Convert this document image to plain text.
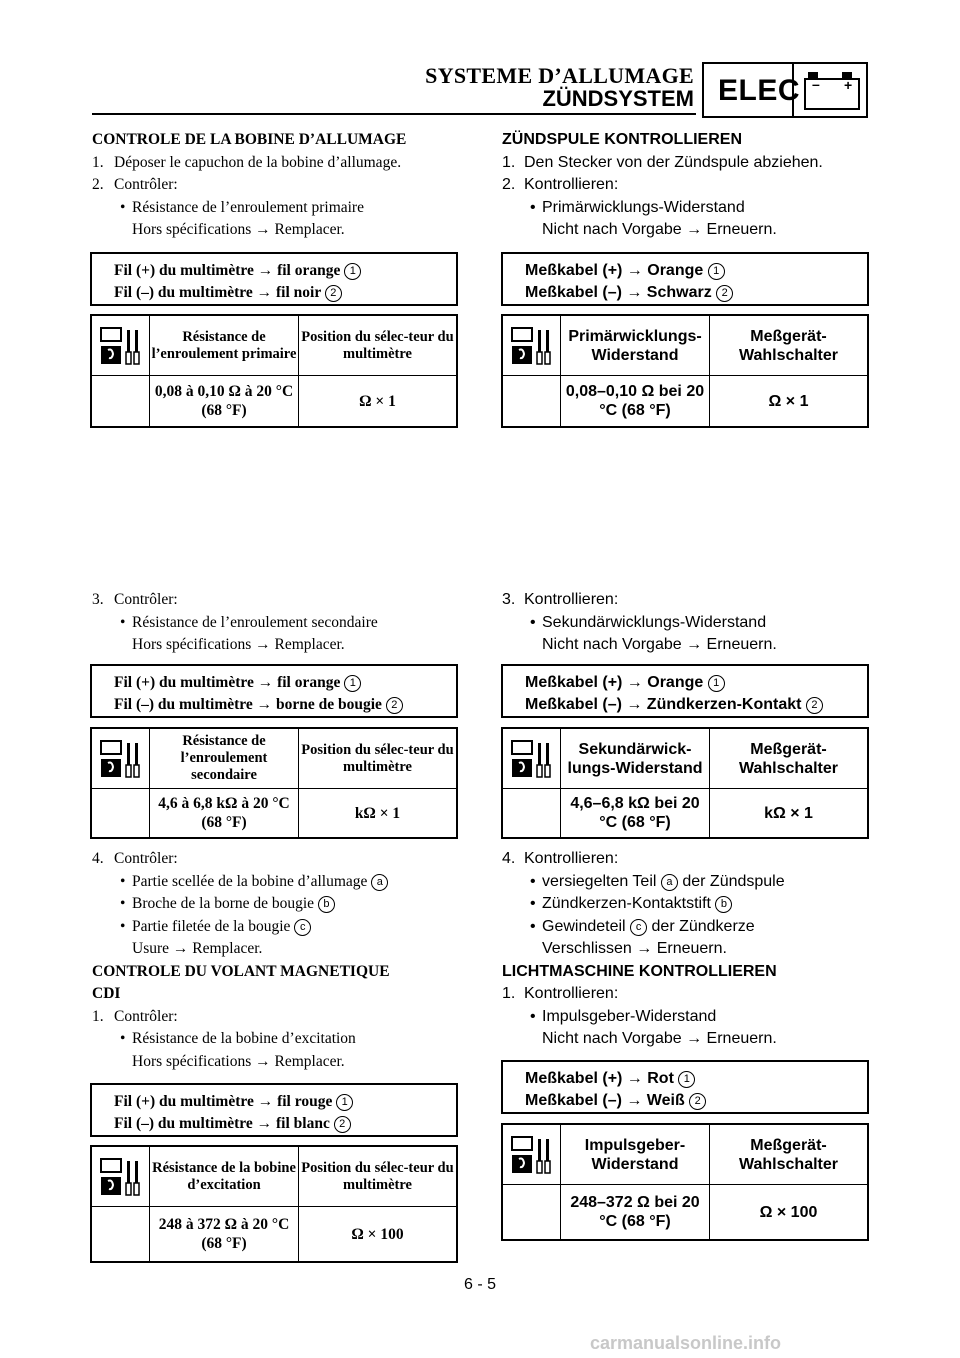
SYSTEME D’ALLUMAGE
ZÜNDSYSTEM ELEC – +
CONTROLE DE LA BOBINE D’ALLUMAGE
1. Déposer le capuchon de la bobine d’allumage.
2. Contrôler:
• Résistance de l’enroulement primaire
Hors spécifications → Remplacer.
Fil (+) du multimètre → fil orange 1
Fil (–) du multimètre → fil noir 2
Résistance de l’enroulement primaire
Position du sélec-teur du multimètre
0,08 à 0,10 Ω à 20 °C (68 °F)
Ω × 1
ZÜNDSPULE KONTROLLIEREN
1. Den Stecker von der Zündspule abziehen.
2. Kontrollieren:
• Primärwicklungs-Widerstand
Nicht nach Vorgabe → Erneuern.
Meßkabel (+) → Orange 1
Meßkabel (–) → Schwarz 2
Primärwicklungs-Widerstand
Meßgerät-Wahlschalter
0,08–0,10 Ω bei 20 °C (68 °F)
Ω × 1
3. Contrôler:
• Résistance de l’enroulement secondaire
Hors spécifications → Remplacer.
Fil (+) du multimètre → fil orange 1
Fil (–) du multimètre → borne de bougie 2
Résistance de l’enroulement secondaire
Position du sélec-teur du multimètre
4,6 à 6,8 kΩ à 20 °C (68 °F)
kΩ × 1
3. Kontrollieren:
• Sekundärwicklungs-Widerstand
Nicht nach Vorgabe → Erneuern.
Meßkabel (+) → Orange 1
Meßkabel (–) → Zündkerzen-Kontakt 2
Sekundärwick-lungs-Widerstand
Meßgerät-Wahlschalter
4,6–6,8 kΩ bei 20 °C (68 °F)
kΩ × 1
4. Contrôler:
• Partie scellée de la bobine d’allumage a
• Broche de la borne de bougie b
• Partie filetée de la bougie c
Usure → Remplacer.
CONTROLE DU VOLANT MAGNETIQUE
CDI
1. Contrôler:
• Résistance de la bobine d’excitation
Hors spécifications → Remplacer.
Fil (+) du multimètre → fil rouge 1
Fil (–) du multimètre → fil blanc 2
Résistance de la bobine d’excitation
Position du sélec-teur du multimètre
248 à 372 Ω à 20 °C (68 °F)
Ω × 100
4. Kontrollieren:
• versiegelten Teil a der Zündspule
• Zündkerzen-Kontaktstift b
• Gewindeteil c der Zündkerze
Verschlissen → Erneuern.
LICHTMASCHINE KONTROLLIEREN
1. Kontrollieren:
• Impulsgeber-Widerstand
Nicht nach Vorgabe → Erneuern.
Meßkabel (+) → Rot 1
Meßkabel (–) → Weiß 2
Impulsgeber-Widerstand
Meßgerät-Wahlschalter
248–372 Ω bei 20 °C (68 °F)
Ω × 100
6 - 5
carmanualsonline.info
